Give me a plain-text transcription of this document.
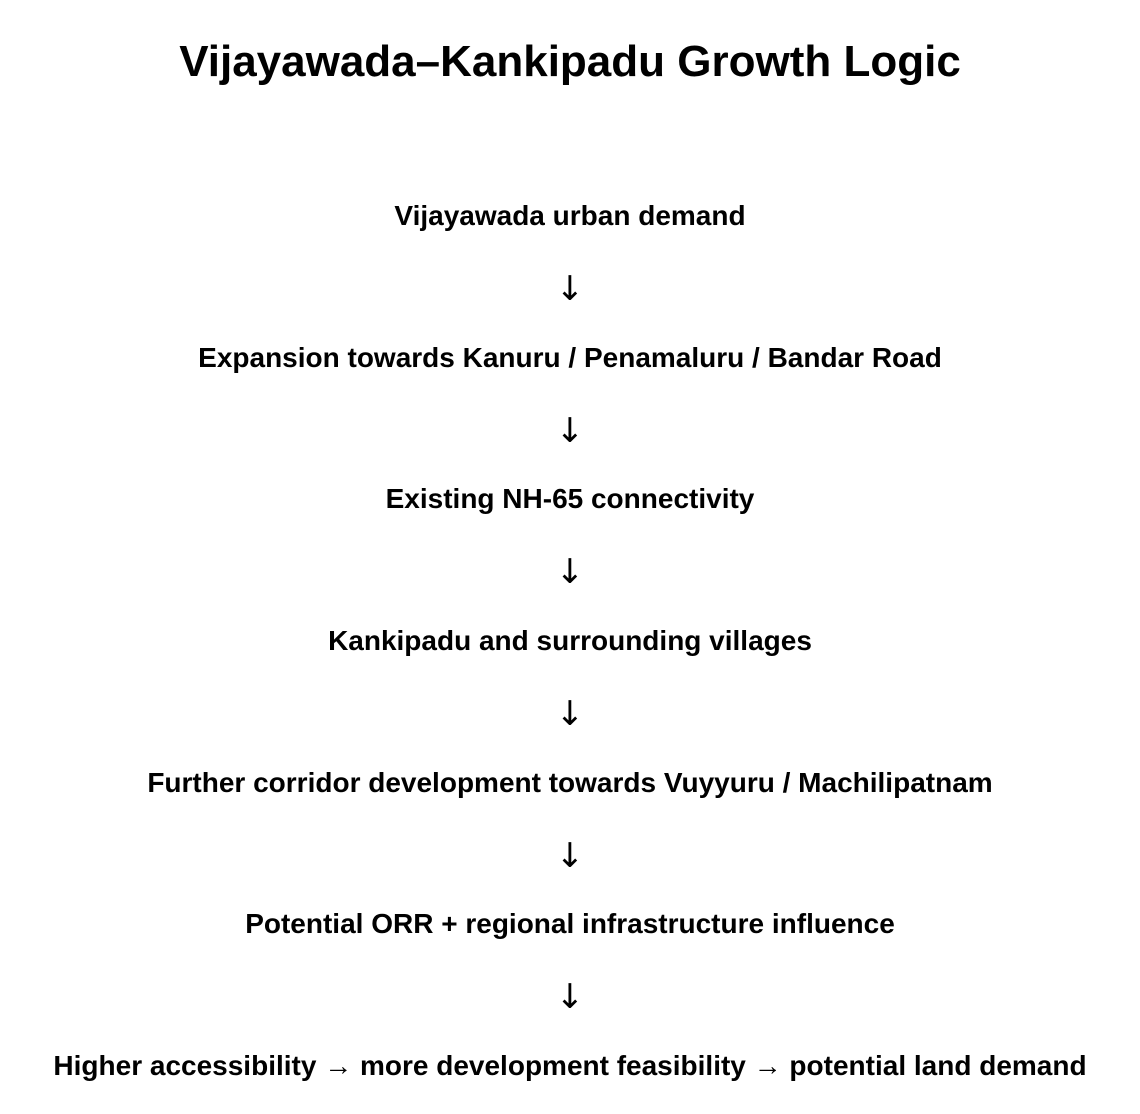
Vijayawada–Kankipadu Growth Logic
Vijayawada urban demand
↓
Expansion towards Kanuru / Penamaluru / Bandar Road
↓
Existing NH-65 connectivity
↓
Kankipadu and surrounding villages
↓
Further corridor development towards Vuyyuru / Machilipatnam
↓
Potential ORR + regional infrastructure influence
↓
Higher accessibility → more development feasibility → potential land demand
